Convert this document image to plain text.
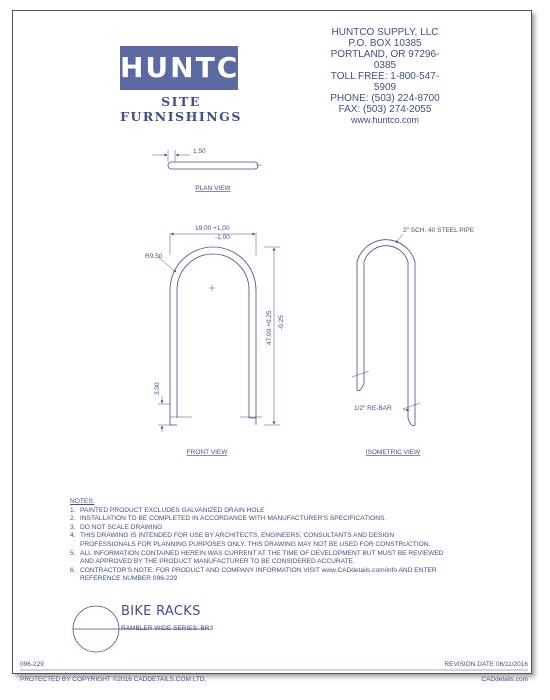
HUNTCO
SITE FURNISHINGS
HUNTCO SUPPLY, LLC
P.O. BOX 10385
PORTLAND, OR 97296-0385
TOLL FREE: 1-800-547-5909
PHONE: (503) 224-8700
FAX: (503) 274-2055
www.huntco.com
1.50
PLAN VIEW
19.00 +1.00
-1.00
R9.50
47.00 +0.25 -0.25
3.00
FRONT VIEW
2" SCH. 40 STEEL PIPE
1/2" RE-BAR
ISOMETRIC VIEW
NOTES:
1. PAINTED PRODUCT EXCLUDES GALVANIZED DRAIN HOLE
2. INSTALLATION TO BE COMPLETED IN ACCORDANCE WITH MANUFACTURER'S SPECIFICATIONS.
3. DO NOT SCALE DRAWING
4. THIS DRAWING IS INTENDED FOR USE BY ARCHITECTS, ENGINEERS, CONSULTANTS AND DESIGN PROFESSIONALS FOR PLANNING PURPOSES ONLY. THIS DRAWING MAY NOT BE USED FOR CONSTRUCTION.
5. ALL INFORMATION CONTAINED HEREIN WAS CURRENT AT THE TIME OF DEVELOPMENT BUT MUST BE REVIEWED AND APPROVED BY THE PRODUCT MANUFACTURER TO BE CONSIDERED ACCURATE.
6. CONTRACTOR'S NOTE: FOR PRODUCT AND COMPANY INFORMATION VISIT www.CADdetails.com/info AND ENTER REFERENCE NUMBER 096-229
BIKE RACKS
RAMBLER WIDE SERIES: BR3
096-229	REVISION DATE 06/11/2016
PROTECTED BY COPYRIGHT ©2016 CADDETAILS.COM LTD.	CADdetails.com
